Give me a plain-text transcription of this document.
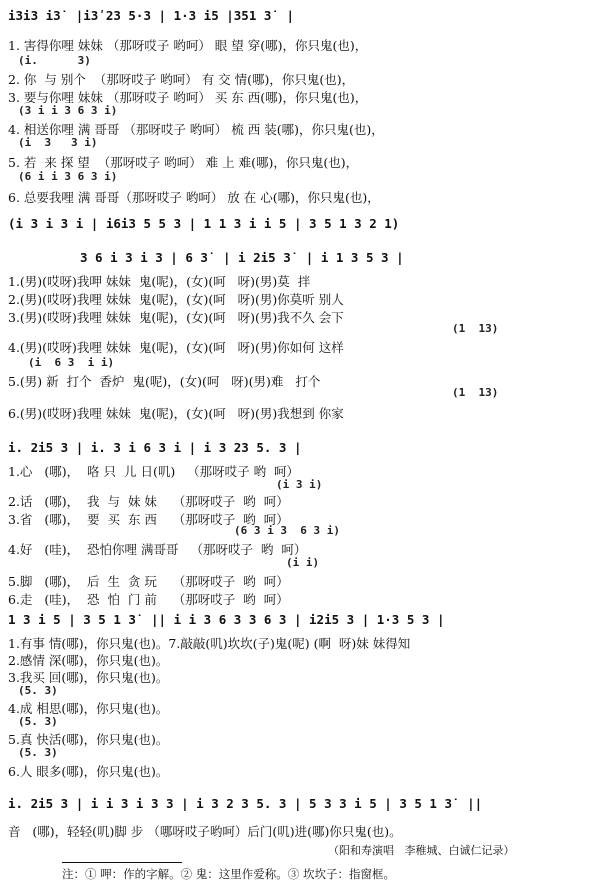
i3i3 i3˙ |i3ʹ23 5·3 | 1·3 i5 |351 3˙ |
1. 害得你哩 妹妹 （那呀哎子 哟呵） 眼 望 穿(哪)，你只鬼(也)，
(i.      3)
2. 你  与 别个  （那呀哎子 哟呵） 有 交 情(哪)，你只鬼(也)，
3. 要与你哩 妹妹 （那呀哎子 哟呵） 买 东 西(哪)，你只鬼(也)，
(3 i i 3 6 3 i)
4. 相送你哩 满 哥哥 （那呀哎子 哟呵） 梳 西 装(哪)，你只鬼(也)，
(i  3   3 i)
5. 若  来 探 望  （那呀哎子 哟呵） 难 上 难(哪)，你只鬼(也)，
(6 i i 3 6 3 i)
6. 总要我哩 满 哥哥（那呀哎子 哟呵） 放 在 心(哪)，你只鬼(也)，
(i 3 i 3 i | i6i3 5 5 3 | 1 1 3 i i 5 | 3 5 1 3 2 1)
3 6 i 3 i 3 | 6 3˙ | i 2i5 3˙ | i 1 3 5 3 |
1.(男)(哎呀)我呷 妹妹  鬼(呢)，(女)(呵   呀)(男)莫  拌
2.(男)(哎呀)我哩 妹妹  鬼(呢)，(女)(呵   呀)(男)你莫听 别人
3.(男)(哎呀)我哩 妹妹  鬼(呢)，(女)(呵   呀)(男)我不久 会下
(1  13)
4.(男)(哎呀)我哩 妹妹  鬼(呢)，(女)(呵   呀)(男)你如何 这样
(i  6 3  i i)
5.(男) 新  打个  香炉  鬼(呢)，(女)(呵   呀)(男)难   打个
(1  13)
6.(男)(哎呀)我哩 妹妹  鬼(呢)，(女)(呵   呀)(男)我想到 你家
i. 2i5 3 | i. 3 i 6 3 i | i 3 23 5. 3 |
1.心   (哪)，  咯 只  儿 日(叽)   （那呀哎子 哟  呵）
(i 3 i)
2.话   (哪)，  我  与  妹 妹    （那呀哎子  哟  呵）
3.省   (哪)，  要  买  东 西    （那呀哎子  哟  呵）
(6 3 i 3  6 3 i)
4.好   (哇)，  恐怕你哩 满哥哥   （那呀哎子  哟  呵）
(i i)
5.脚   (哪)，  后  生  贪 玩    （那呀哎子  哟  呵）
6.走   (哇)，  恐  怕  门 前    （那呀哎子  哟  呵）
1 3 i 5 | 3 5 1 3˙ || i i 3 6 3 3 6 3 | i2i5 3 | 1·3 5 3 |
1.有事 情(哪)，你只鬼(也)。7.敲敲(叽)坎坎(子)鬼(呢) (啊  呀)妹 妹得知
2.感情 深(哪)，你只鬼(也)。
3.我买 回(哪)，你只鬼(也)。
(5. 3)
4.成 相思(哪)，你只鬼(也)。
(5. 3)
5.真 快活(哪)，你只鬼(也)。
(5. 3)
6.人 眼多(哪)，你只鬼(也)。
i. 2i5 3 | i i 3 i 3 3 | i 3 2 3 5. 3 | 5 3 3 i 5 | 3 5 1 3˙ ||
音   (哪)，轻轻(叽)脚 步 （哪呀哎子哟呵）后门(叽)进(哪)你只鬼(也)。
（阳和寿演唱   李稚城、白诚仁记录）
注：① 呷：作的字解。② 鬼：这里作爱称。③ 坎坎子：指窗框。
